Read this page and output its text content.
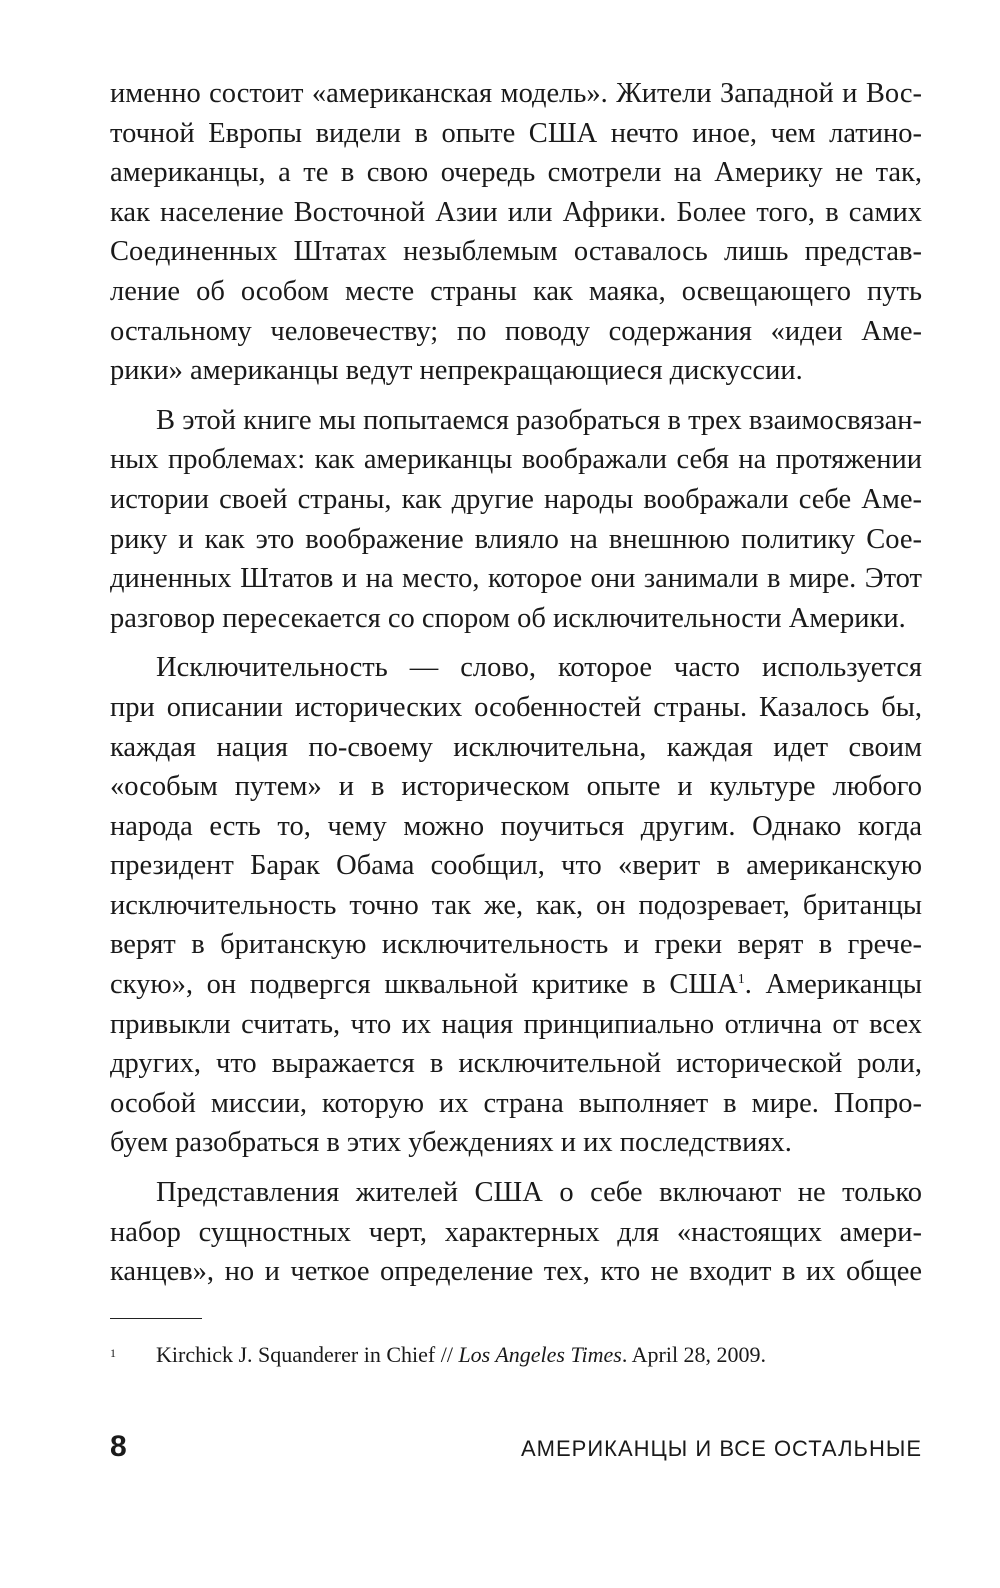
именно состоит «американская модель». Жители Западной и Вос-
точной Европы видели в опыте США нечто иное, чем латино-
американцы, а те в свою очередь смотрели на Америку не так,
как население Восточной Азии или Африки. Более того, в самих
Соединенных Штатах незыблемым оставалось лишь представ-
ление об особом месте страны как маяка, освещающего путь
остальному человечеству; по поводу содержания «идеи Аме-
рики» американцы ведут непрекращающиеся дискуссии.
В этой книге мы попытаемся разобраться в трех взаимосвязан-
ных проблемах: как американцы воображали себя на протяжении
истории своей страны, как другие народы воображали себе Аме-
рику и как это воображение влияло на внешнюю политику Сое-
диненных Штатов и на место, которое они занимали в мире. Этот
разговор пересекается со спором об исключительности Америки.
Исключительность — слово, которое часто используется
при описании исторических особенностей страны. Казалось бы,
каждая нация по-своему исключительна, каждая идет своим
«особым путем» и в историческом опыте и культуре любого
народа есть то, чему можно поучиться другим. Однако когда
президент Барак Обама сообщил, что «верит в американскую
исключительность точно так же, как, он подозревает, британцы
верят в британскую исключительность и греки верят в грече-
скую», он подвергся шквальной критике в США$^1$. Американцы
привыкли считать, что их нация принципиально отлична от всех
других, что выражается в исключительной исторической роли,
особой миссии, которую их страна выполняет в мире. Попро-
буем разобраться в этих убеждениях и их последствиях.
Представления жителей США о себе включают не только
набор сущностных черт, характерных для «настоящих амери-
канцев», но и четкое определение тех, кто не входит в их общее
1 Kirchick J. Squanderer in Chief // Los Angeles Times. April 28, 2009.
8	АМЕРИКАНЦЫ И ВСЕ ОСТАЛЬНЫЕ
